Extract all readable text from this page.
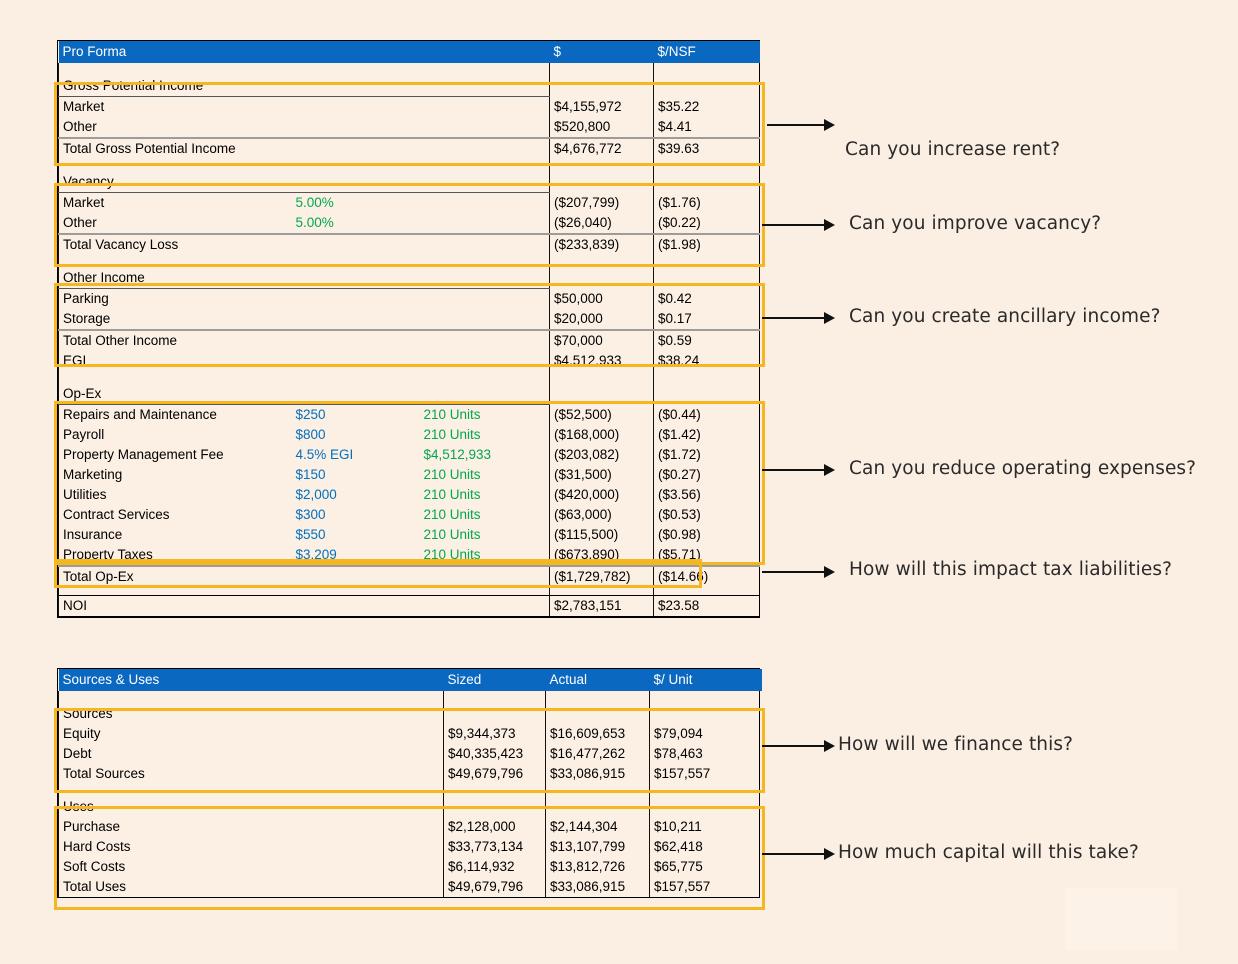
Pro Forma			$	$/NSF

Gross Potential Income				
Market			$4,155,972	$35.22
Other			$520,800	$4.41
Total Gross Potential Income			$4,676,772	$39.63

Vacancy				
Market	5.00%		($207,799)	($1.76)
Other	5.00%		($26,040)	($0.22)
Total Vacancy Loss			($233,839)	($1.98)

Other Income				
Parking			$50,000	$0.42
Storage			$20,000	$0.17
Total Other Income			$70,000	$0.59
EGI			$4,512,933	$38.24

Op-Ex				
Repairs and Maintenance	$250	210 Units	($52,500)	($0.44)
Payroll	$800	210 Units	($168,000)	($1.42)
Property Management Fee	4.5% EGI	$4,512,933	($203,082)	($1.72)
Marketing	$150	210 Units	($31,500)	($0.27)
Utilities	$2,000	210 Units	($420,000)	($3.56)
Contract Services	$300	210 Units	($63,000)	($0.53)
Insurance	$550	210 Units	($115,500)	($0.98)
Property Taxes	$3,209	210 Units	($673,890)	($5.71)
Total Op-Ex			($1,729,782)	($14.66)

NOI			$2,783,151	$23.58
Sources & Uses	Sized	Actual	$/ Unit

Sources			
Equity	$9,344,373	$16,609,653	$79,094
Debt	$40,335,423	$16,477,262	$78,463
Total Sources	$49,679,796	$33,086,915	$157,557

Uses			
Purchase	$2,128,000	$2,144,304	$10,211
Hard Costs	$33,773,134	$13,107,799	$62,418
Soft Costs	$6,114,932	$13,812,726	$65,775
Total Uses	$49,679,796	$33,086,915	$157,557
Can you increase rent?
Can you improve vacancy?
Can you create ancillary income?
Can you reduce operating expenses?
How will this impact tax liabilities?
How will we finance this?
How much capital will this take?
